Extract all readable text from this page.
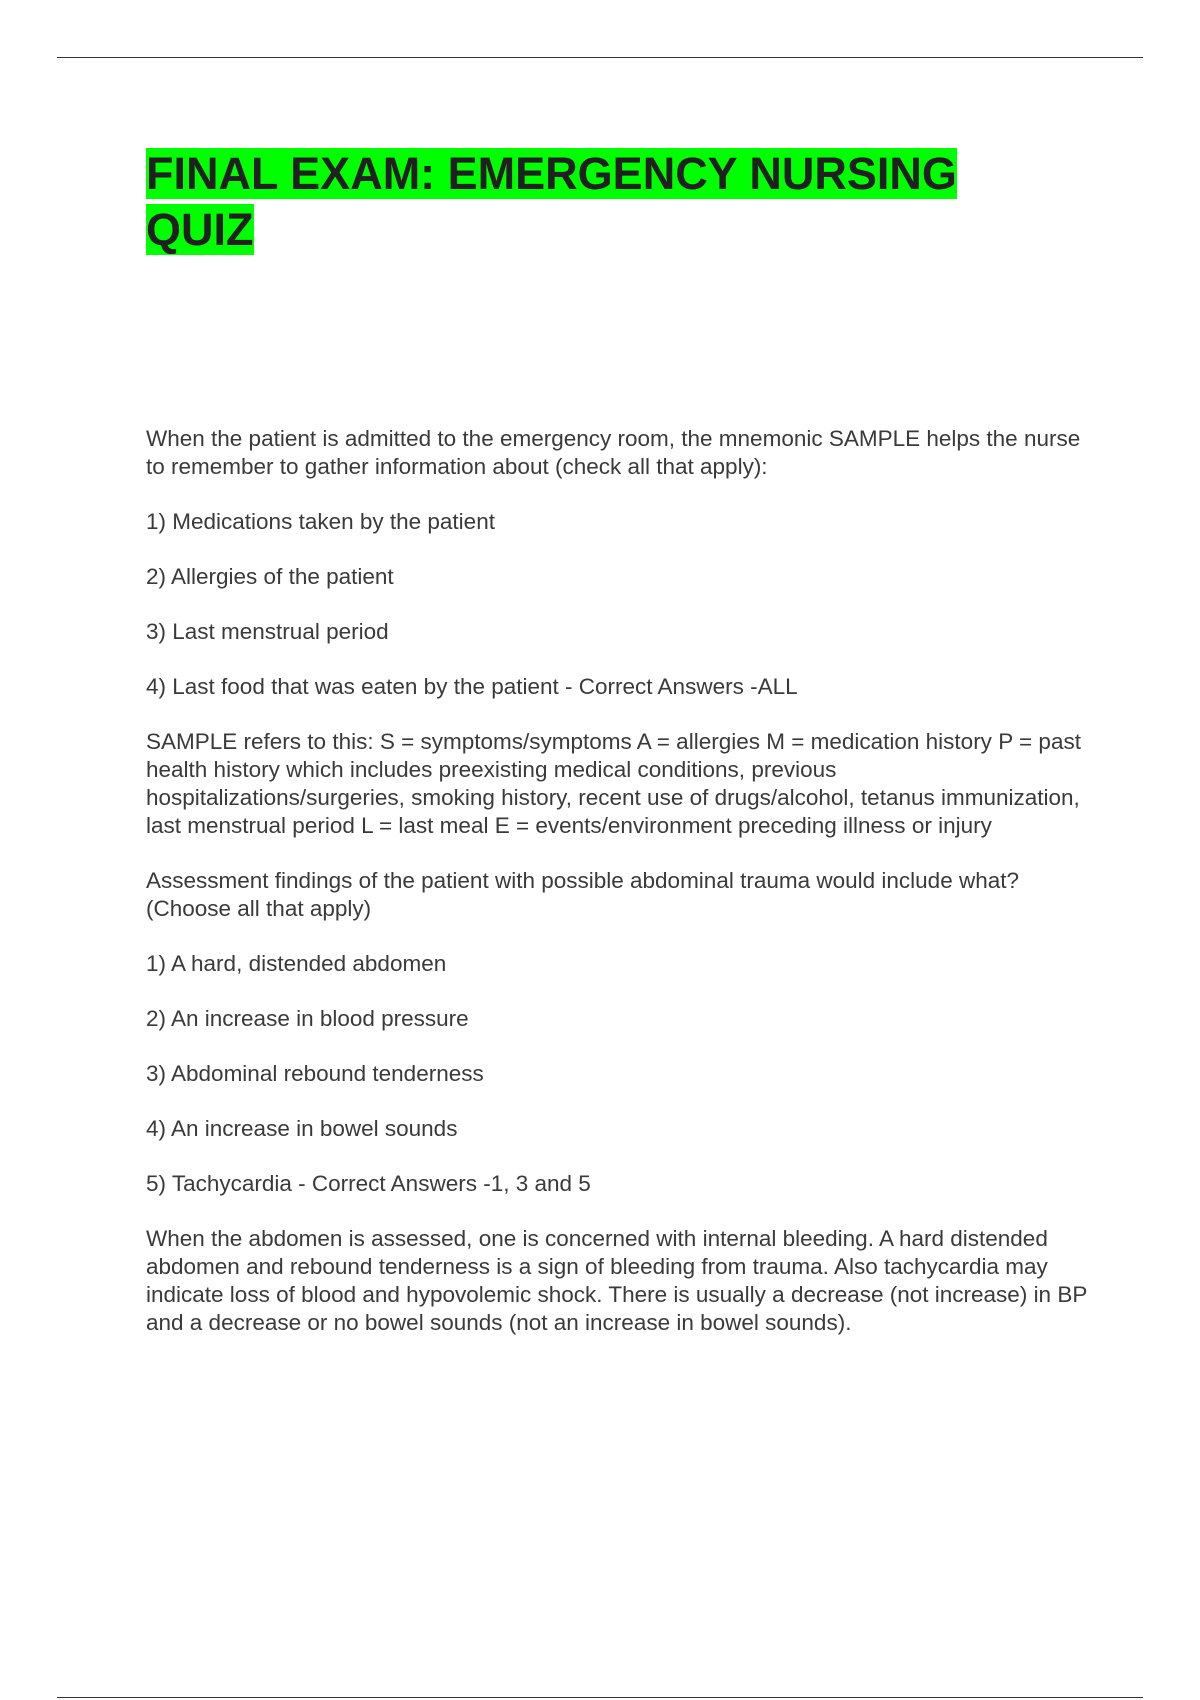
FINAL EXAM: EMERGENCY NURSING QUIZ

When the patient is admitted to the emergency room, the mnemonic SAMPLE helps the nurse to remember to gather information about (check all that apply):

1) Medications taken by the patient

2) Allergies of the patient

3) Last menstrual period

4) Last food that was eaten by the patient - Correct Answers -ALL

SAMPLE refers to this: S = symptoms/symptoms A = allergies M = medication history P = past health history which includes preexisting medical conditions, previous hospitalizations/surgeries, smoking history, recent use of drugs/alcohol, tetanus immunization, last menstrual period L = last meal E = events/environment preceding illness or injury

Assessment findings of the patient with possible abdominal trauma would include what? (Choose all that apply)

1) A hard, distended abdomen

2) An increase in blood pressure

3) Abdominal rebound tenderness

4) An increase in bowel sounds

5) Tachycardia - Correct Answers -1, 3 and 5

When the abdomen is assessed, one is concerned with internal bleeding. A hard distended abdomen and rebound tenderness is a sign of bleeding from trauma. Also tachycardia may indicate loss of blood and hypovolemic shock. There is usually a decrease (not increase) in BP and a decrease or no bowel sounds (not an increase in bowel sounds).
